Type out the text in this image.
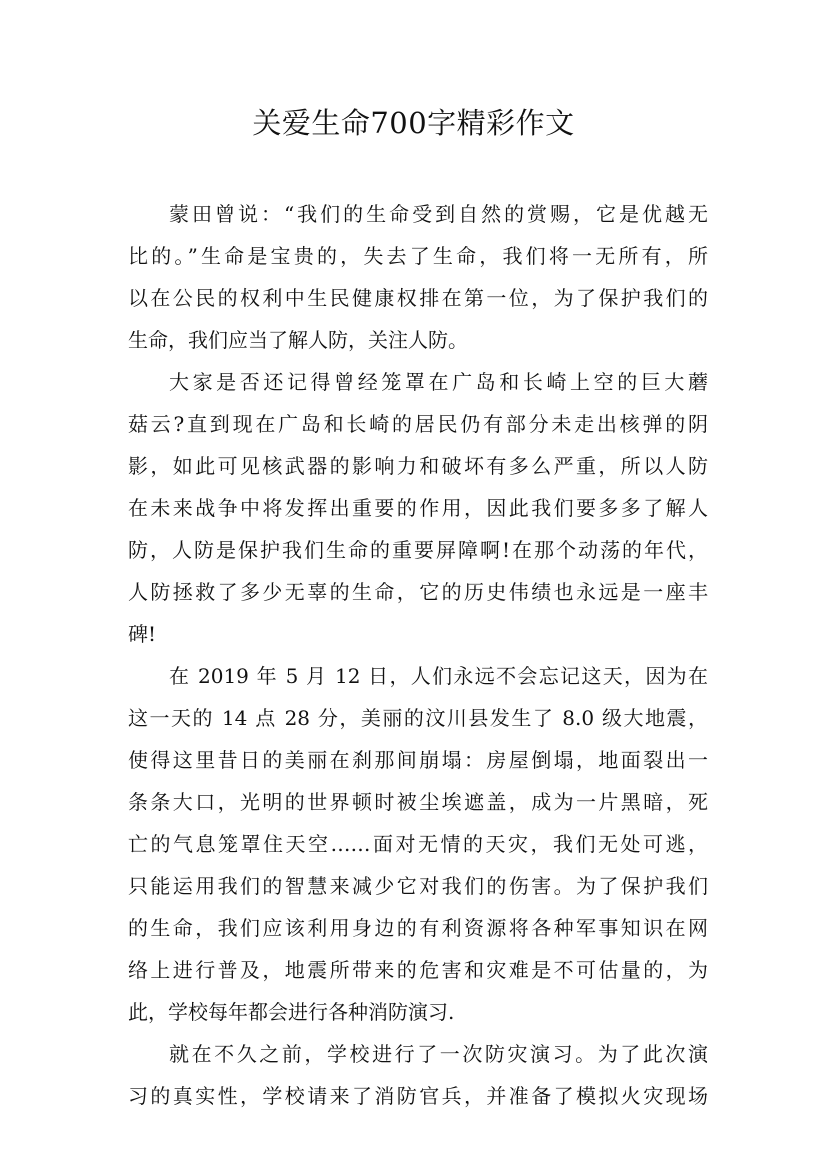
关爱生命700字精彩作文
蒙田曾说：“我们的生命受到自然的赏赐，它是优越无
比的。”生命是宝贵的，失去了生命，我们将一无所有，所
以在公民的权利中生民健康权排在第一位，为了保护我们的
生命，我们应当了解人防，关注人防。
大家是否还记得曾经笼罩在广岛和长崎上空的巨大蘑
菇云?直到现在广岛和长崎的居民仍有部分未走出核弹的阴
影，如此可见核武器的影响力和破坏有多么严重，所以人防
在未来战争中将发挥出重要的作用，因此我们要多多了解人
防，人防是保护我们生命的重要屏障啊!在那个动荡的年代，
人防拯救了多少无辜的生命，它的历史伟绩也永远是一座丰
碑!
在 2019 年 5 月 12 日，人们永远不会忘记这天，因为在
这一天的 14 点 28 分，美丽的汶川县发生了 8.0 级大地震，
使得这里昔日的美丽在刹那间崩塌：房屋倒塌，地面裂出一
条条大口，光明的世界顿时被尘埃遮盖，成为一片黑暗，死
亡的气息笼罩住天空……面对无情的天灾，我们无处可逃，
只能运用我们的智慧来减少它对我们的伤害。为了保护我们
的生命，我们应该利用身边的有利资源将各种军事知识在网
络上进行普及，地震所带来的危害和灾难是不可估量的，为
此，学校每年都会进行各种消防演习.
就在不久之前，学校进行了一次防灾演习。为了此次演
习的真实性，学校请来了消防官兵，并准备了模拟火灾现场
